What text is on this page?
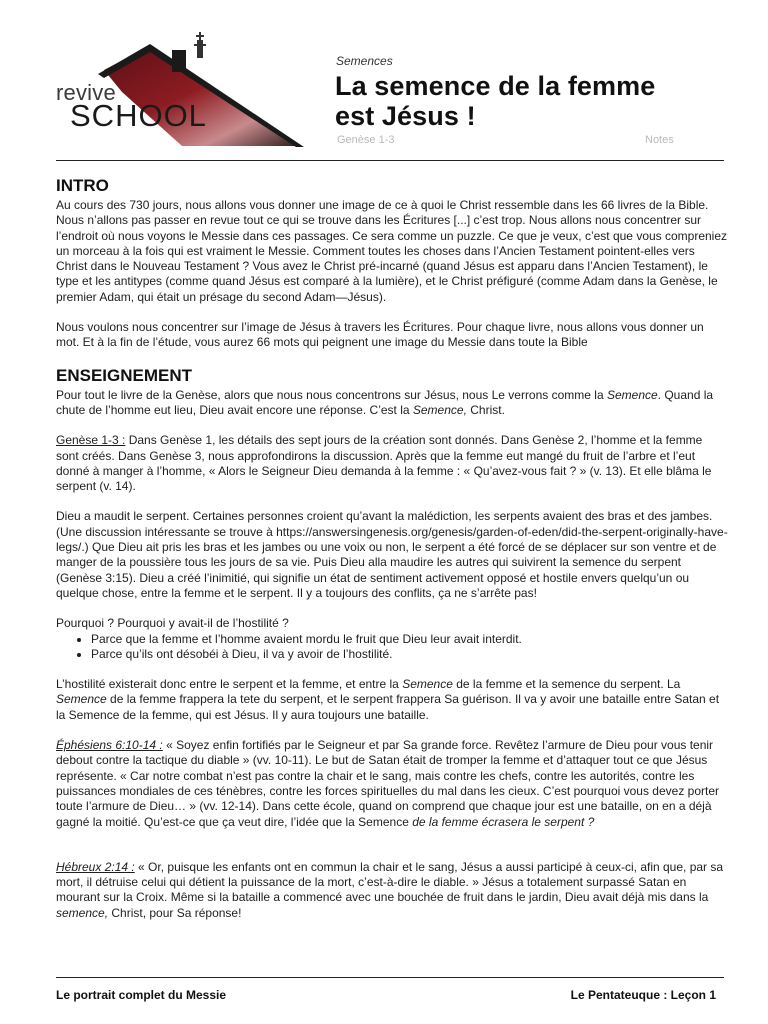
revive
SCHOOL
Semences
La semence de la femme
est Jésus !
Genèse 1-3	Notes
INTRO

Au cours des 730 jours, nous allons vous donner une image de ce à quoi le Christ ressemble dans les 66 livres de la Bible. Nous n’allons pas passer en revue tout ce qui se trouve dans les Écritures [...] c’est trop. Nous allons nous concentrer sur l’endroit où nous voyons le Messie dans ces passages. Ce sera comme un puzzle. Ce que je veux, c’est que vous compreniez un morceau à la fois qui est vraiment le Messie. Comment toutes les choses dans l’Ancien Testament pointent-elles vers Christ dans le Nouveau Testament ? Vous avez le Christ pré-incarné (quand Jésus est apparu dans l’Ancien Testament), le type et les antitypes (comme quand Jésus est comparé à la lumière), et le Christ préfiguré (comme Adam dans la Genèse, le premier Adam, qui était un présage du second Adam—Jésus).

Nous voulons nous concentrer sur l’image de Jésus à travers les Écritures. Pour chaque livre, nous allons vous donner un mot. Et à la fin de l’étude, vous aurez 66 mots qui peignent une image du Messie dans toute la Bible

ENSEIGNEMENT

Pour tout le livre de la Genèse, alors que nous nous concentrons sur Jésus, nous Le verrons comme la Semence. Quand la chute de l’homme eut lieu, Dieu avait encore une réponse. C’est la Semence, Christ.

Genèse 1-3 : Dans Genèse 1, les détails des sept jours de la création sont donnés. Dans Genèse 2, l’homme et la femme sont créés. Dans Genèse 3, nous approfondirons la discussion. Après que la femme eut mangé du fruit de l’arbre et l’eut donné à manger à l’homme, « Alors le Seigneur Dieu demanda à la femme : « Qu’avez-vous fait ? » (v. 13). Et elle blâma le serpent (v. 14).

Dieu a maudit le serpent. Certaines personnes croient qu’avant la malédiction, les serpents avaient des bras et des jambes. (Une discussion intéressante se trouve à https://answersingenesis.org/genesis/garden-of-eden/did-the-serpent-originally-have-legs/.) Que Dieu ait pris les bras et les jambes ou une voix ou non, le serpent a été forcé de se déplacer sur son ventre et de manger de la poussière tous les jours de sa vie. Puis Dieu alla maudire les autres qui suivirent la semence du serpent (Genèse 3:15). Dieu a créé l’inimitié, qui signifie un état de sentiment activement opposé et hostile envers quelqu’un ou quelque chose, entre la femme et le serpent. Il y a toujours des conflits, ça ne s’arrête pas!

Pourquoi ? Pourquoi y avait-il de l’hostilité ?
• Parce que la femme et l’homme avaient mordu le fruit que Dieu leur avait interdit.
• Parce qu’ils ont désobéi à Dieu, il va y avoir de l’hostilité.

L’hostilité existerait donc entre le serpent et la femme, et entre la Semence de la femme et la semence du serpent. La Semence de la femme frappera la tete du serpent, et le serpent frappera Sa guérison. Il va y avoir une bataille entre Satan et la Semence de la femme, qui est Jésus. Il y aura toujours une bataille.

Éphésiens 6:10-14 : « Soyez enfin fortifiés par le Seigneur et par Sa grande force. Revêtez l’armure de Dieu pour vous tenir debout contre la tactique du diable » (vv. 10-11). Le but de Satan était de tromper la femme et d’attaquer tout ce que Jésus représente. « Car notre combat n’est pas contre la chair et le sang, mais contre les chefs, contre les autorités, contre les puissances mondiales de ces ténèbres, contre les forces spirituelles du mal dans les cieux. C’est pourquoi vous devez porter toute l’armure de Dieu… » (vv. 12-14). Dans cette école, quand on comprend que chaque jour est une bataille, on en a déjà gagné la moitié. Qu’est-ce que ça veut dire, l’idée que la Semence de la femme écrasera le serpent ?

Hébreux 2:14 : « Or, puisque les enfants ont en commun la chair et le sang, Jésus a aussi participé à ceux-ci, afin que, par sa mort, il détruise celui qui détient la puissance de la mort, c’est-à-dire le diable. » Jésus a totalement surpassé Satan en mourant sur la Croix. Même si la bataille a commencé avec une bouchée de fruit dans le jardin, Dieu avait déjà mis dans la semence, Christ, pour Sa réponse!

Le portrait complet du Messie	Le Pentateuque : Leçon 1
